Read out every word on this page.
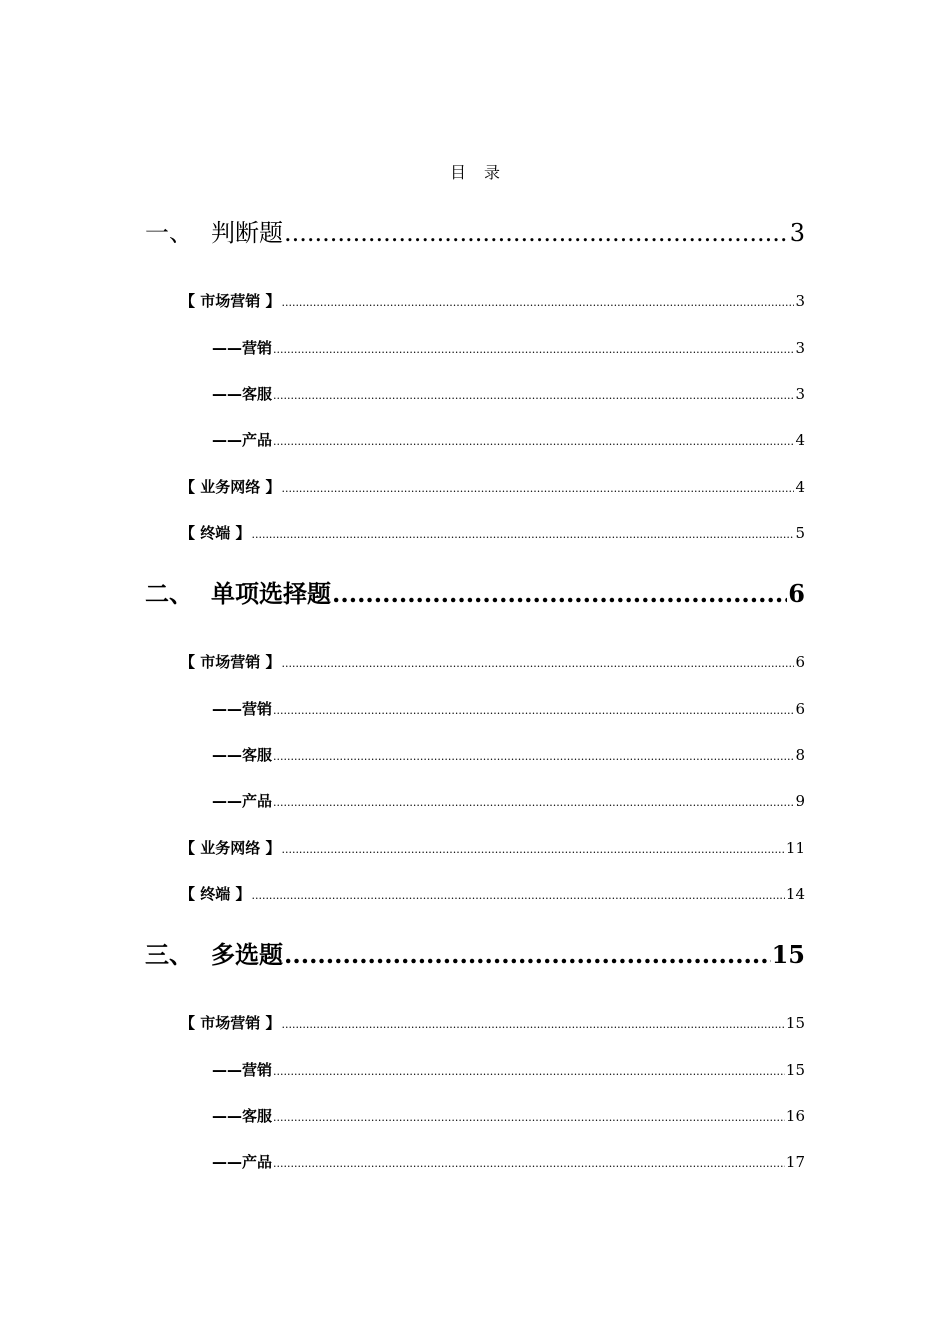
目 录
一、 判断题 .....	3
【 市场营销 】 .....	3
——营销 .....	3
——客服 .....	3
——产品 .....	4
【 业务网络 】 .....	4
【 终端 】 .....	5
二、 单项选择题 .....	6
【 市场营销 】 .....	6
——营销 .....	6
——客服 .....	8
——产品 .....	9
【 业务网络 】 .....	11
【 终端 】 .....	14
三、 多选题 .....	15
【 市场营销 】 .....	15
——营销 .....	15
——客服 .....	16
——产品 .....	17
